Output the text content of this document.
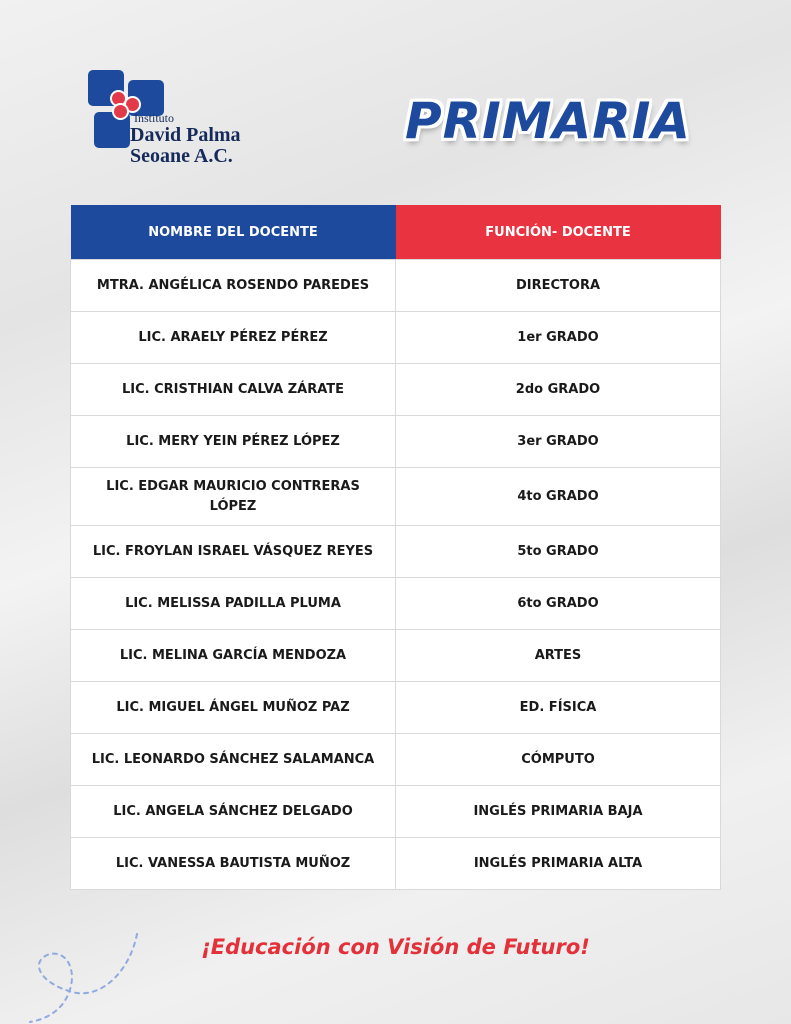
Instituto
David Palma
Seoane A.C.
PRIMARIA
NOMBRE DEL DOCENTE	FUNCIÓN- DOCENTE
MTRA. ANGÉLICA ROSENDO PAREDES	DIRECTORA
LIC. ARAELY PÉREZ PÉREZ	1er GRADO
LIC. CRISTHIAN CALVA ZÁRATE	2do GRADO
LIC. MERY YEIN PÉREZ LÓPEZ	3er GRADO
LIC. EDGAR MAURICIO CONTRERAS LÓPEZ	4to GRADO
LIC. FROYLAN ISRAEL VÁSQUEZ REYES	5to GRADO
LIC. MELISSA PADILLA PLUMA	6to GRADO
LIC. MELINA GARCÍA MENDOZA	ARTES
LIC. MIGUEL ÁNGEL MUÑOZ PAZ	ED. FÍSICA
LIC. LEONARDO SÁNCHEZ SALAMANCA	CÓMPUTO
LIC. ANGELA SÁNCHEZ DELGADO	INGLÉS PRIMARIA BAJA
LIC. VANESSA BAUTISTA MUÑOZ	INGLÉS PRIMARIA ALTA
¡Educación con Visión de Futuro!
